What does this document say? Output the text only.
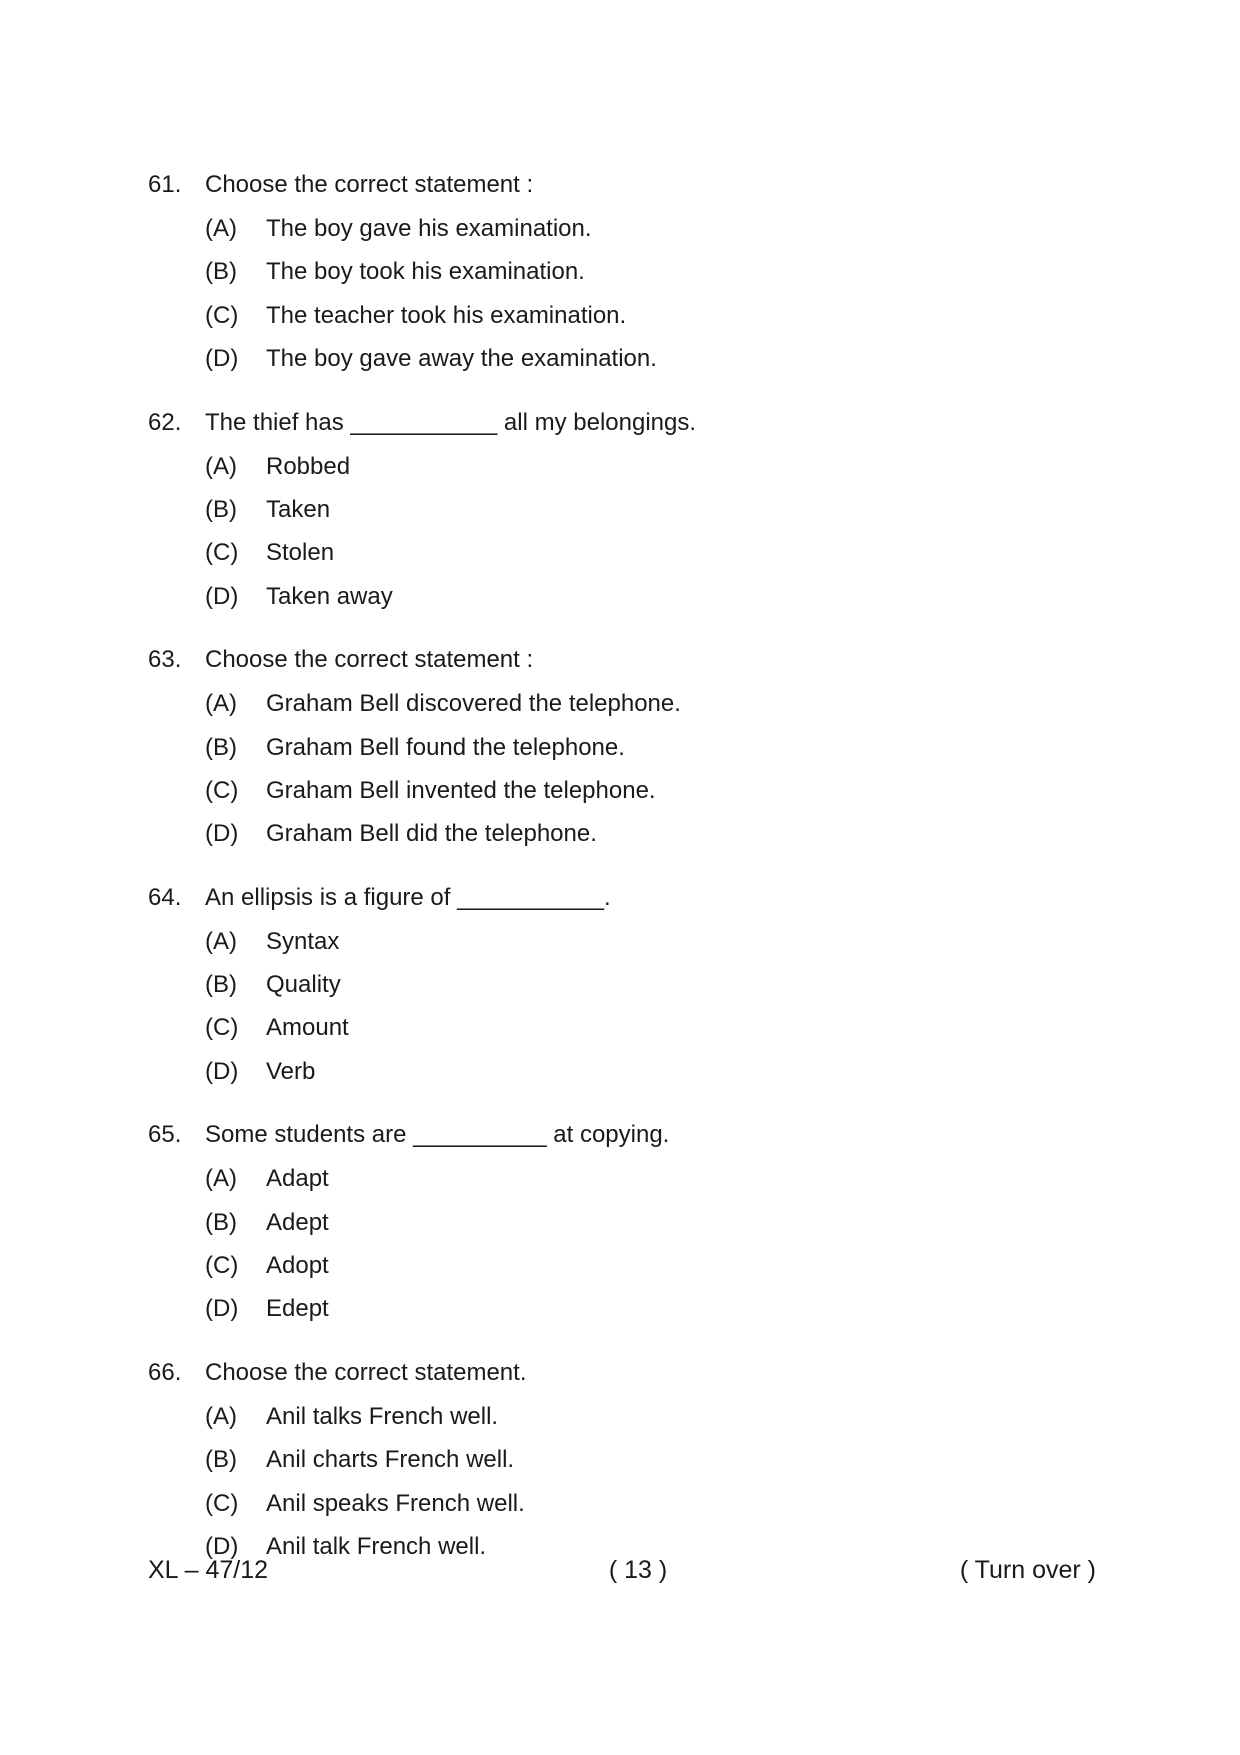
61. Choose the correct statement :
(A)	The boy gave his examination.
(B)	The boy took his examination.
(C)	The teacher took his examination.
(D)	The boy gave away the examination.
62. The thief has ___________ all my belongings.
(A)	Robbed
(B)	Taken
(C)	Stolen
(D)	Taken away
63. Choose the correct statement :
(A)	Graham Bell discovered the telephone.
(B)	Graham Bell found the telephone.
(C)	Graham Bell invented the telephone.
(D)	Graham Bell did the telephone.
64. An ellipsis is a figure of ___________.
(A)	Syntax
(B)	Quality
(C)	Amount
(D)	Verb
65. Some students are __________ at copying.
(A)	Adapt
(B)	Adept
(C)	Adopt
(D)	Edept
66. Choose the correct statement.
(A)	Anil talks French well.
(B)	Anil charts French well.
(C)	Anil speaks French well.
(D)	Anil talk French well.
XL – 47/12	( 13 )	( Turn over )
